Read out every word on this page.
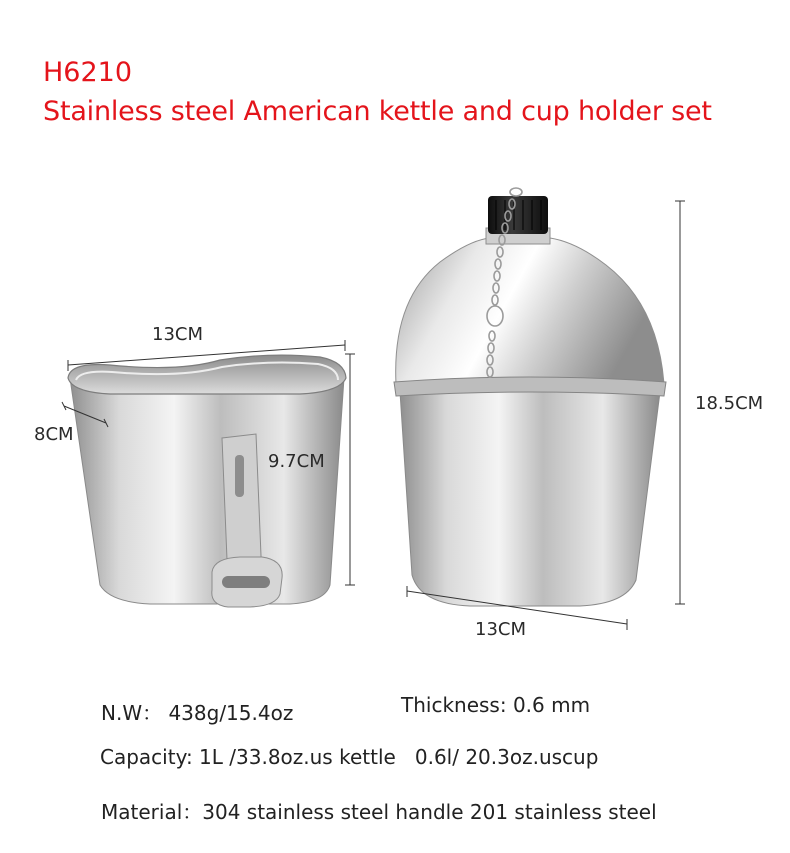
H6210
Stainless steel American kettle and cup holder set
13CM
8CM
9.7CM
18.5CM
13CM
N.W： 438g/15.4oz	Thickness: 0.6 mm
Capacity: 1L /33.8oz.us kettle   0.6l/ 20.3oz.uscup
Material：304 stainless steel handle 201 stainless steel
